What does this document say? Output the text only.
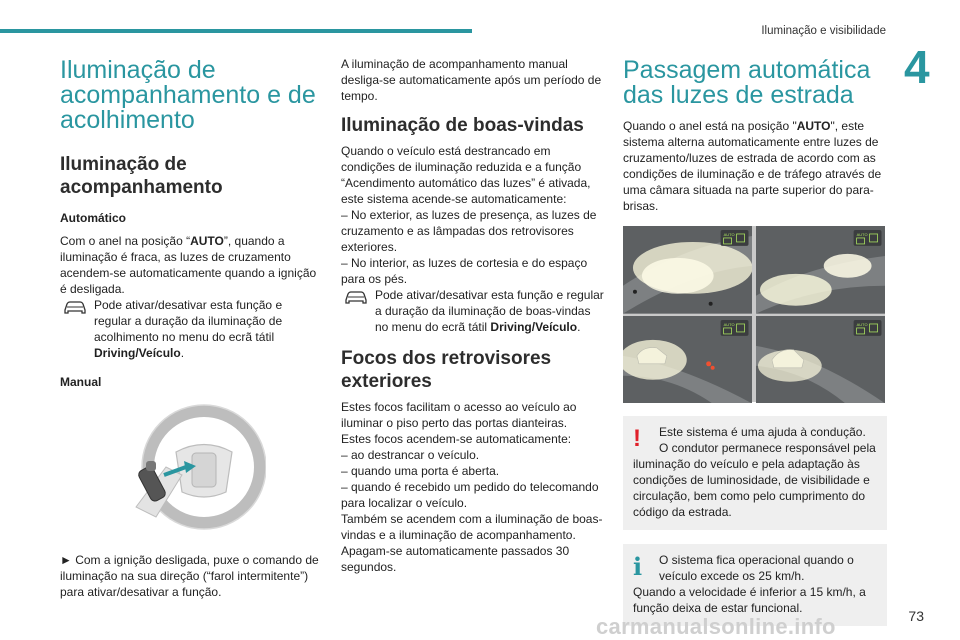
Iluminação e visibilidade
4
Iluminação de acompanhamento e de acolhimento
Iluminação de acompanhamento
Automático

Com o anel na posição “AUTO”, quando a iluminação é fraca, as luzes de cruzamento acendem-se automaticamente quando a ignição é desligada.

Pode ativar/desativar esta função e regular a duração da iluminação de acolhimento no menu do ecrã tátil Driving/Veículo.
Manual

► Com a ignição desligada, puxe o comando de iluminação na sua direção (“farol intermitente”) para ativar/desativar a função.

A iluminação de acompanhamento manual desliga-se automaticamente após um período de tempo.

Iluminação de boas-vindas

Quando o veículo está destrancado em condições de iluminação reduzida e a função “Acendimento automático das luzes” é ativada, este sistema acende-se automaticamente:

– No exterior, as luzes de presença, as luzes de cruzamento e as lâmpadas dos retrovisores exteriores.

– No interior, as luzes de cortesia e do espaço para os pés.

Pode ativar/desativar esta função e regular a duração da iluminação de boas-vindas no menu do ecrã tátil Driving/Veículo.
Focos dos retrovisores exteriores

Estes focos facilitam o acesso ao veículo ao iluminar o piso perto das portas dianteiras.

Estes focos acendem-se automaticamente:

– ao destrancar o veículo.

– quando uma porta é aberta.

– quando é recebido um pedido do telecomando para localizar o veículo.

Também se acendem com a iluminação de boas-vindas e a iluminação de acompanhamento.

Apagam-se automaticamente passados 30 segundos.

Passagem automática das luzes de estrada

Quando o anel está na posição "AUTO", este sistema alterna automaticamente entre luzes de cruzamento/luzes de estrada de acordo com as condições de iluminação e de tráfego através de uma câmara situada na parte superior do para-brisas.

AUTO	AUTO
AUTO	AUTO
!	Este sistema é uma ajuda à condução. O condutor permanece responsável pela iluminação do veículo e pela adaptação às condições de luminosidade, de visibilidade e circulação, bem como pelo cumprimento do código da estrada.
i	O sistema fica operacional quando o veículo excede os 25 km/h.
Quando a velocidade é inferior a 15 km/h, a função deixa de estar funcional.	73
carmanualsonline.info
